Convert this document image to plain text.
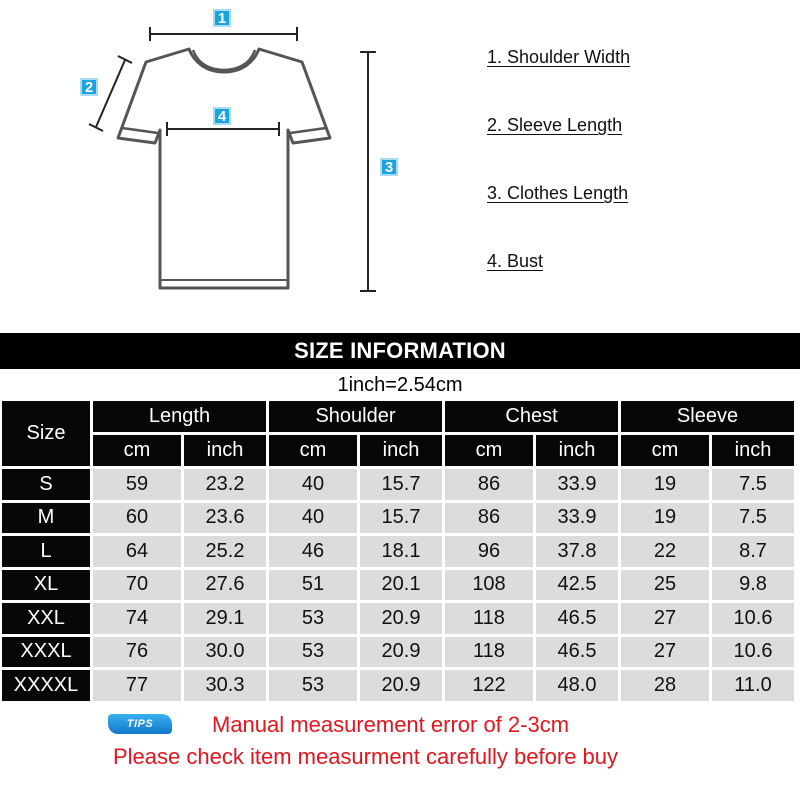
1
2
3
4
1. Shoulder Width
2. Sleeve Length
3. Clothes Length
4. Bust
SIZE INFORMATION
1inch=2.54cm
Size
Length	Shoulder	Chest	Sleeve
cm	inch	cm	inch	cm	inch	cm	inch
S	59	23.2	40	15.7	86	33.9	19	7.5
M	60	23.6	40	15.7	86	33.9	19	7.5
L	64	25.2	46	18.1	96	37.8	22	8.7
XL	70	27.6	51	20.1	108	42.5	25	9.8
XXL	74	29.1	53	20.9	118	46.5	27	10.6
XXXL	76	30.0	53	20.9	118	46.5	27	10.6
XXXXL	77	30.3	53	20.9	122	48.0	28	11.0
TIPS	Manual measurement error of 2-3cm
Please check item measurment carefully before buy
